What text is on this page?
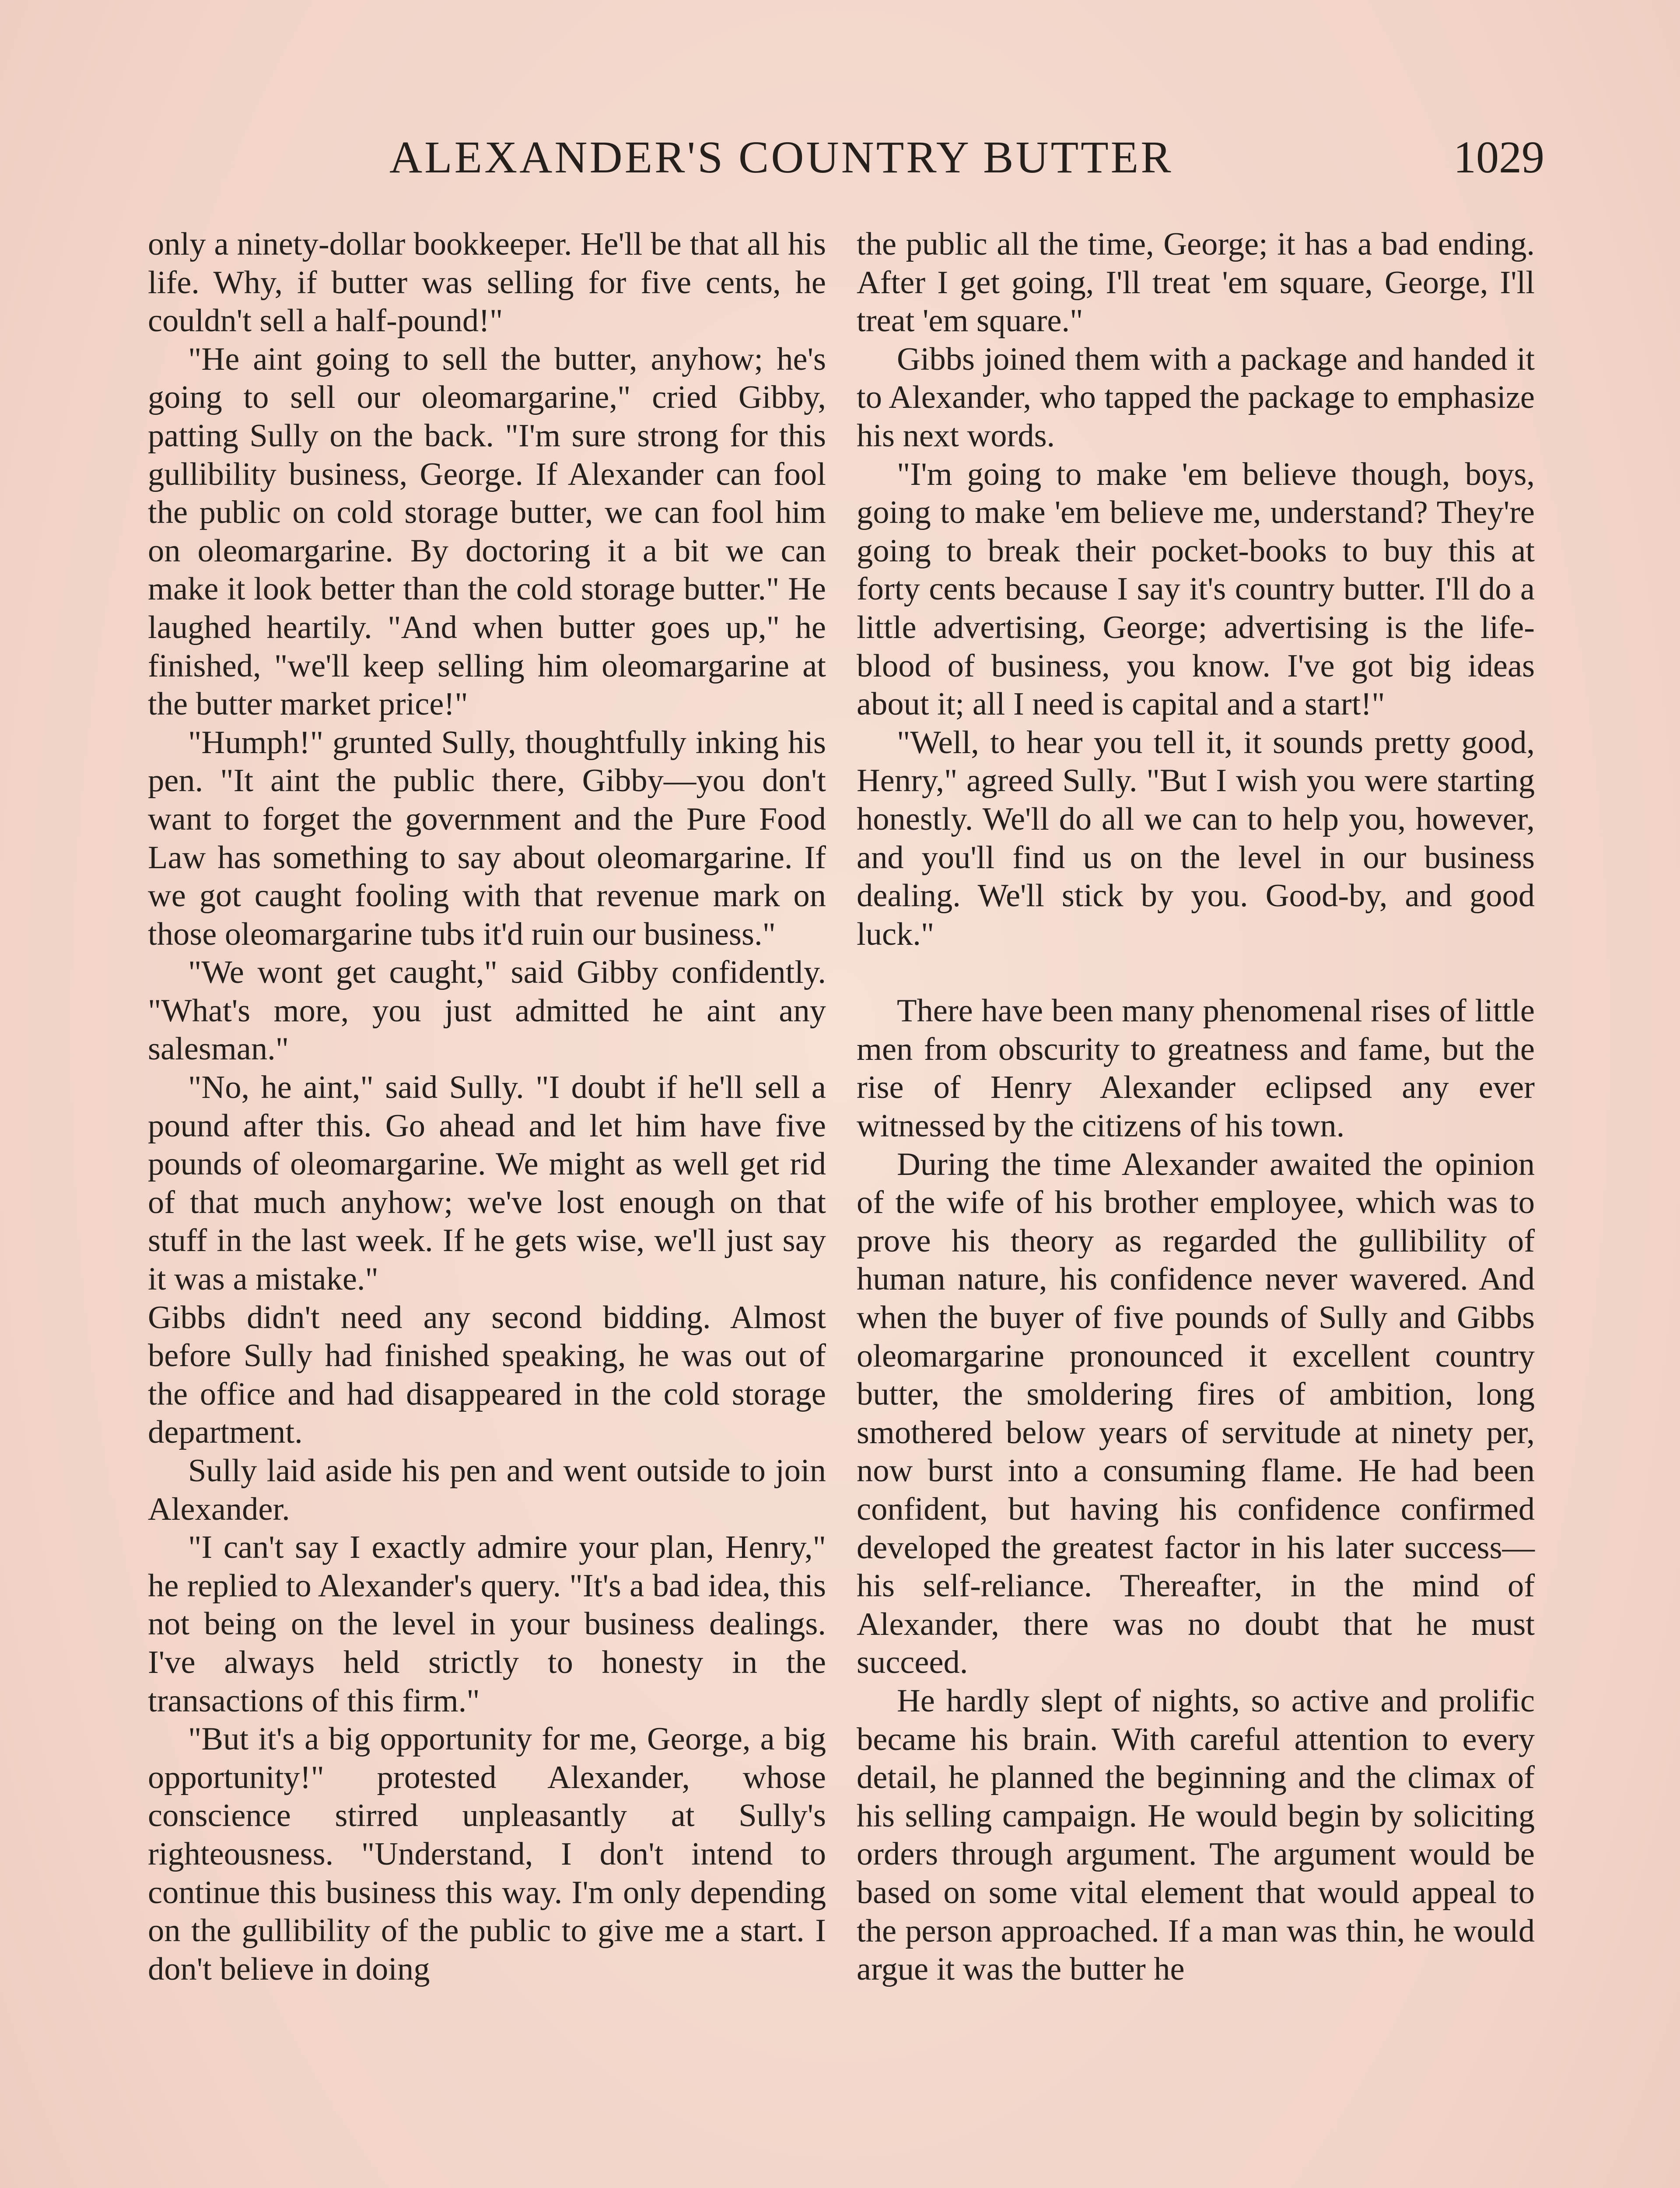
ALEXANDER'S COUNTRY BUTTER	1029

only a ninety-dollar bookkeeper. He'll be that all his life. Why, if butter was selling for five cents, he couldn't sell a half-pound!"

"He aint going to sell the butter, anyhow; he's going to sell our oleomargarine," cried Gibby, patting Sully on the back. "I'm sure strong for this gullibility business, George. If Alexander can fool the public on cold storage butter, we can fool him on oleomargarine. By doctoring it a bit we can make it look better than the cold storage butter." He laughed heartily. "And when butter goes up," he finished, "we'll keep selling him oleomargarine at the butter market price!"

"Humph!" grunted Sully, thoughtfully inking his pen. "It aint the public there, Gibby—you don't want to forget the government and the Pure Food Law has something to say about oleomargarine. If we got caught fooling with that revenue mark on those oleomargarine tubs it'd ruin our business."

"We wont get caught," said Gibby confidently. "What's more, you just admitted he aint any salesman."

"No, he aint," said Sully. "I doubt if he'll sell a pound after this. Go ahead and let him have five pounds of oleomargarine. We might as well get rid of that much anyhow; we've lost enough on that stuff in the last week. If he gets wise, we'll just say it was a mistake."

Gibbs didn't need any second bidding. Almost before Sully had finished speaking, he was out of the office and had disappeared in the cold storage department.

Sully laid aside his pen and went outside to join Alexander.

"I can't say I exactly admire your plan, Henry," he replied to Alexander's query. "It's a bad idea, this not being on the level in your business dealings. I've always held strictly to honesty in the transactions of this firm."

"But it's a big opportunity for me, George, a big opportunity!" protested Alexander, whose conscience stirred unpleasantly at Sully's righteousness. "Understand, I don't intend to continue this business this way. I'm only depending on the gullibility of the public to give me a start. I don't believe in doing

the public all the time, George; it has a bad ending. After I get going, I'll treat 'em square, George, I'll treat 'em square."

Gibbs joined them with a package and handed it to Alexander, who tapped the package to emphasize his next words.

"I'm going to make 'em believe though, boys, going to make 'em believe me, understand? They're going to break their pocket-books to buy this at forty cents because I say it's country butter. I'll do a little advertising, George; advertising is the life-blood of business, you know. I've got big ideas about it; all I need is capital and a start!"

"Well, to hear you tell it, it sounds pretty good, Henry," agreed Sully. "But I wish you were starting honestly. We'll do all we can to help you, however, and you'll find us on the level in our business dealing. We'll stick by you. Good-by, and good luck."

There have been many phenomenal rises of little men from obscurity to greatness and fame, but the rise of Henry Alexander eclipsed any ever witnessed by the citizens of his town.

During the time Alexander awaited the opinion of the wife of his brother employee, which was to prove his theory as regarded the gullibility of human nature, his confidence never wavered. And when the buyer of five pounds of Sully and Gibbs oleomargarine pronounced it excellent country butter, the smoldering fires of ambition, long smothered below years of servitude at ninety per, now burst into a consuming flame. He had been confident, but having his confidence confirmed developed the greatest factor in his later success—his self-reliance. Thereafter, in the mind of Alexander, there was no doubt that he must succeed.

He hardly slept of nights, so active and prolific became his brain. With careful attention to every detail, he planned the beginning and the climax of his selling campaign. He would begin by soliciting orders through argument. The argument would be based on some vital element that would appeal to the person approached. If a man was thin, he would argue it was the butter he
